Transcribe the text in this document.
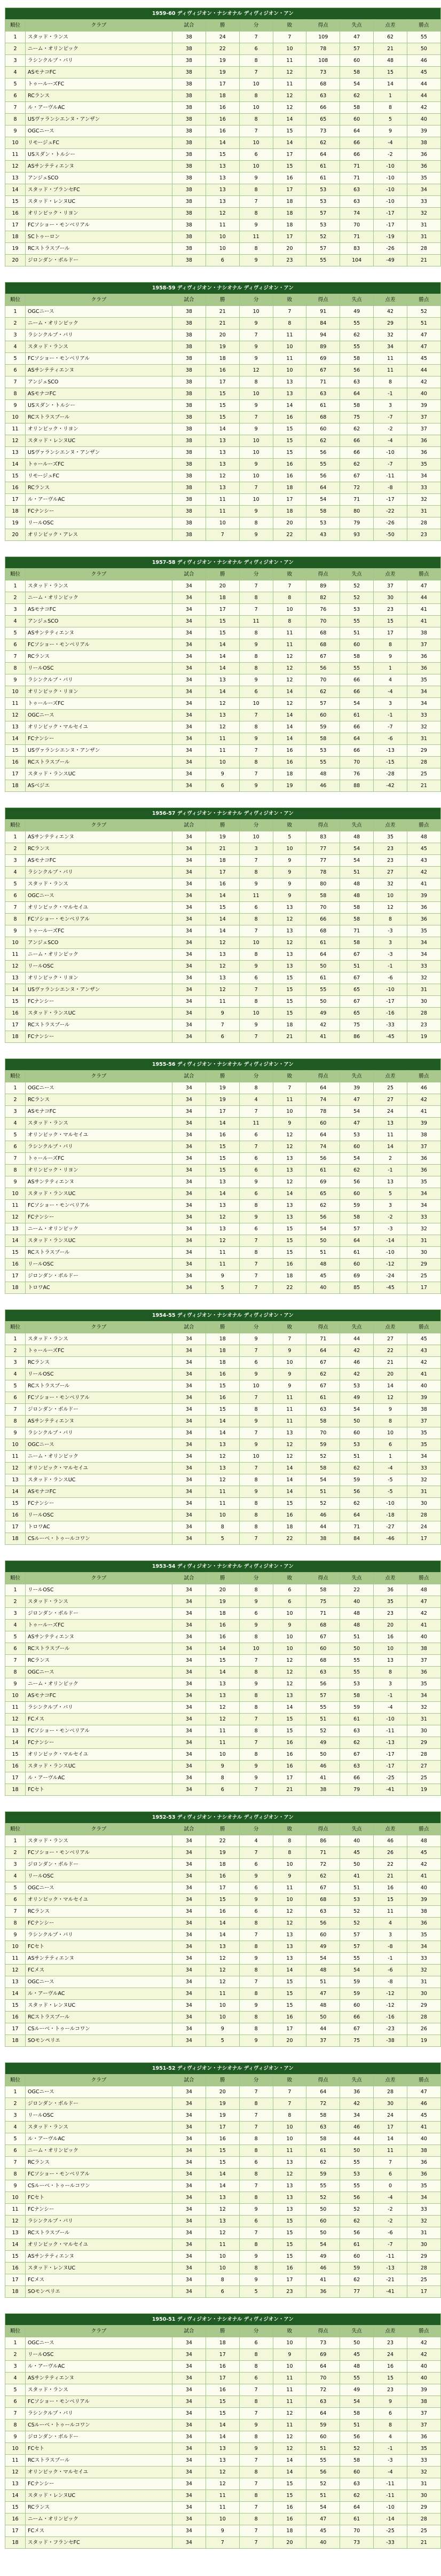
1959-60 ディヴィジオン・ナシオナル ディヴィジオン・アン									
順位	クラブ	試合	勝	分	敗	得点	失点	点差	勝点
1	スタッド・ランス	38	24	7	7	109	47	62	55
2	ニーム・オリンピック	38	22	6	10	78	57	21	50
3	ラシンクルブ・パリ	38	19	8	11	108	60	48	46
4	ASモナコFC	38	19	7	12	73	58	15	45
5	トゥールーズFC	38	17	10	11	68	54	14	44
6	RCランス	38	18	8	12	63	62	1	44
7	ル・アーヴルAC	38	16	10	12	66	58	8	42
8	USヴァランシエンヌ・アンザン	38	16	8	14	65	60	5	40
9	OGCニース	38	16	7	15	73	64	9	39
10	リモージュFC	38	14	10	14	62	66	-4	38
11	USスダン・トルシー	38	15	6	17	64	66	-2	36
12	ASサンテティエンヌ	38	13	10	15	61	71	-10	36
13	アンジェSCO	38	13	9	16	61	71	-10	35
14	スタッド・ブランセFC	38	13	8	17	53	63	-10	34
15	スタッド・レンヌUC	38	13	7	18	53	63	-10	33
16	オリンピック・リヨン	38	12	8	18	57	74	-17	32
17	FCソショー・モンベリアル	38	11	9	18	53	70	-17	31
18	SCトゥーロン	38	10	11	17	52	71	-19	31
19	RCストラスブール	38	10	8	20	57	83	-26	28
20	ジロンダン・ボルドー	38	6	9	23	55	104	-49	21
1958-59 ディヴィジオン・ナシオナル ディヴィジオン・アン									
順位	クラブ	試合	勝	分	敗	得点	失点	点差	勝点
1	OGCニース	38	21	10	7	91	49	42	52
2	ニーム・オリンピック	38	21	9	8	84	55	29	51
3	ラシンクルブ・パリ	38	20	7	11	94	62	32	47
4	スタッド・ランス	38	19	9	10	89	55	34	47
5	FCソショー・モンベリアル	38	18	9	11	69	58	11	45
6	ASサンテティエンヌ	38	16	12	10	67	56	11	44
7	アンジェSCO	38	17	8	13	71	63	8	42
8	ASモナコFC	38	15	10	13	63	64	-1	40
9	USスダン・トルシー	38	15	9	14	61	58	3	39
10	RCストラスブール	38	15	7	16	68	75	-7	37
11	オリンピック・リヨン	38	14	9	15	60	62	-2	37
12	スタッド・レンヌUC	38	13	10	15	62	66	-4	36
13	USヴァランシエンヌ・アンザン	38	13	10	15	56	66	-10	36
14	トゥールーズFC	38	13	9	16	55	62	-7	35
15	リモージュFC	38	12	10	16	56	67	-11	34
16	RCランス	38	13	7	18	64	72	-8	33
17	ル・アーヴルAC	38	11	10	17	54	71	-17	32
18	FCナンシー	38	11	9	18	58	80	-22	31
19	リールOSC	38	10	8	20	53	79	-26	28
20	オリンピック・アレス	38	7	9	22	43	93	-50	23
1957-58 ディヴィジオン・ナシオナル ディヴィジオン・アン									
順位	クラブ	試合	勝	分	敗	得点	失点	点差	勝点
1	スタッド・ランス	34	20	7	7	89	52	37	47
2	ニーム・オリンピック	34	18	8	8	82	52	30	44
3	ASモナコFC	34	17	7	10	76	53	23	41
4	アンジェSCO	34	15	11	8	70	55	15	41
5	ASサンテティエンヌ	34	15	8	11	68	51	17	38
6	FCソショー・モンベリアル	34	14	9	11	68	60	8	37
7	RCランス	34	14	8	12	67	58	9	36
8	リールOSC	34	14	8	12	56	55	1	36
9	ラシンクルブ・パリ	34	13	9	12	70	66	4	35
10	オリンピック・リヨン	34	14	6	14	62	66	-4	34
11	トゥールーズFC	34	12	10	12	57	54	3	34
12	OGCニース	34	13	7	14	60	61	-1	33
13	オリンピック・マルセイユ	34	12	8	14	59	66	-7	32
14	FCナンシー	34	11	9	14	58	64	-6	31
15	USヴァランシエンヌ・アンザン	34	11	7	16	53	66	-13	29
16	RCストラスブール	34	10	8	16	55	70	-15	28
17	スタッド・ランスUC	34	9	7	18	48	76	-28	25
18	ASベジエ	34	6	9	19	46	88	-42	21
1956-57 ディヴィジオン・ナシオナル ディヴィジオン・アン									
順位	クラブ	試合	勝	分	敗	得点	失点	点差	勝点
1	ASサンテティエンヌ	34	19	10	5	83	48	35	48
2	RCランス	34	21	3	10	77	54	23	45
3	ASモナコFC	34	18	7	9	77	54	23	43
4	ラシンクルブ・パリ	34	17	8	9	78	51	27	42
5	スタッド・ランス	34	16	9	9	80	48	32	41
6	OGCニース	34	14	11	9	58	48	10	39
7	オリンピック・マルセイユ	34	15	6	13	70	58	12	36
8	FCソショー・モンベリアル	34	14	8	12	66	58	8	36
9	トゥールーズFC	34	14	7	13	68	71	-3	35
10	アンジェSCO	34	12	10	12	61	58	3	34
11	ニーム・オリンピック	34	13	8	13	64	67	-3	34
12	リールOSC	34	12	9	13	50	51	-1	33
13	オリンピック・リヨン	34	13	6	15	61	67	-6	32
14	USヴァランシエンヌ・アンザン	34	12	7	15	55	65	-10	31
15	FCナンシー	34	11	8	15	50	67	-17	30
16	スタッド・ランスUC	34	9	10	15	49	65	-16	28
17	RCストラスブール	34	7	9	18	42	75	-33	23
18	FCナンシー	34	6	7	21	41	86	-45	19
1955-56 ディヴィジオン・ナシオナル ディヴィジオン・アン									
順位	クラブ	試合	勝	分	敗	得点	失点	点差	勝点
1	OGCニース	34	19	8	7	64	39	25	46
2	RCランス	34	19	4	11	74	47	27	42
3	ASモナコFC	34	17	7	10	78	54	24	41
4	スタッド・ランス	34	14	11	9	60	47	13	39
5	オリンピック・マルセイユ	34	16	6	12	64	53	11	38
6	ラシンクルブ・パリ	34	15	7	12	74	60	14	37
7	トゥールーズFC	34	15	6	13	56	54	2	36
8	オリンピック・リヨン	34	15	6	13	61	62	-1	36
9	ASサンテティエンヌ	34	13	9	12	69	56	13	35
10	スタッド・ランスUC	34	14	6	14	65	60	5	34
11	FCソショー・モンベリアル	34	13	8	13	62	59	3	34
12	FCナンシー	34	12	9	13	56	58	-2	33
13	ニーム・オリンピック	34	13	6	15	54	57	-3	32
14	スタッド・ランスUC	34	12	7	15	50	64	-14	31
15	RCストラスブール	34	11	8	15	51	61	-10	30
16	リールOSC	34	11	7	16	48	60	-12	29
17	ジロンダン・ボルドー	34	9	7	18	45	69	-24	25
18	トロワAC	34	5	7	22	40	85	-45	17
1954-55 ディヴィジオン・ナシオナル ディヴィジオン・アン									
順位	クラブ	試合	勝	分	敗	得点	失点	点差	勝点
1	スタッド・ランス	34	18	9	7	71	44	27	45
2	トゥールーズFC	34	18	7	9	64	42	22	43
3	RCランス	34	18	6	10	67	46	21	42
4	リールOSC	34	16	9	9	62	42	20	41
5	RCストラスブール	34	15	10	9	67	53	14	40
6	FCソショー・モンベリアル	34	16	7	11	61	49	12	39
7	ジロンダン・ボルドー	34	15	8	11	63	54	9	38
8	ASサンテティエンヌ	34	14	9	11	58	50	8	37
9	ラシンクルブ・パリ	34	14	7	13	70	60	10	35
10	OGCニース	34	13	9	12	59	53	6	35
11	ニーム・オリンピック	34	12	10	12	52	51	1	34
12	オリンピック・マルセイユ	34	13	7	14	58	62	-4	33
13	スタッド・ランスUC	34	12	8	14	54	59	-5	32
14	ASモナコFC	34	11	9	14	51	56	-5	31
15	FCナンシー	34	11	8	15	52	62	-10	30
16	リールOSC	34	10	8	16	46	64	-18	28
17	トロワAC	34	8	8	18	44	71	-27	24
18	CSルーベ・トゥールコワン	34	5	7	22	38	84	-46	17
1953-54 ディヴィジオン・ナシオナル ディヴィジオン・アン									
順位	クラブ	試合	勝	分	敗	得点	失点	点差	勝点
1	リールOSC	34	20	8	6	58	22	36	48
2	スタッド・ランス	34	19	9	6	75	40	35	47
3	ジロンダン・ボルドー	34	18	6	10	71	48	23	42
4	トゥールーズFC	34	16	9	9	68	48	20	41
5	ASサンテティエンヌ	34	16	8	10	67	51	16	40
6	RCストラスブール	34	14	10	10	60	50	10	38
7	RCランス	34	15	7	12	68	55	13	37
8	OGCニース	34	14	8	12	63	55	8	36
9	ニーム・オリンピック	34	13	9	12	56	53	3	35
10	ASモナコFC	34	13	8	13	57	58	-1	34
11	ラシンクルブ・パリ	34	12	8	14	55	59	-4	32
12	FCメス	34	12	7	15	51	61	-10	31
13	FCソショー・モンベリアル	34	11	8	15	52	63	-11	30
14	FCナンシー	34	11	7	16	49	62	-13	29
15	オリンピック・マルセイユ	34	10	8	16	50	67	-17	28
16	スタッド・ランスUC	34	9	9	16	46	63	-17	27
17	ル・アーヴルAC	34	8	9	17	41	66	-25	25
18	FCセト	34	6	7	21	38	79	-41	19
1952-53 ディヴィジオン・ナシオナル ディヴィジオン・アン									
順位	クラブ	試合	勝	分	敗	得点	失点	点差	勝点
1	スタッド・ランス	34	22	4	8	86	40	46	48
2	FCソショー・モンベリアル	34	19	7	8	71	45	26	45
3	ジロンダン・ボルドー	34	18	6	10	72	50	22	42
4	リールOSC	34	16	9	9	62	41	21	41
5	OGCニース	34	17	6	11	67	51	16	40
6	オリンピック・マルセイユ	34	15	9	10	68	53	15	39
7	RCランス	34	16	6	12	63	52	11	38
8	FCナンシー	34	14	8	12	56	52	4	36
9	ラシンクルブ・パリ	34	14	7	13	60	57	3	35
10	FCセト	34	13	8	13	49	57	-8	34
11	ASサンテティエンヌ	34	12	9	13	54	55	-1	33
12	FCメス	34	12	8	14	48	54	-6	32
13	OGCニース	34	12	7	15	51	59	-8	31
14	ル・アーヴルAC	34	11	8	15	47	59	-12	30
15	スタッド・レンヌUC	34	10	9	15	48	60	-12	29
16	RCストラスブール	34	10	8	16	50	66	-16	28
17	CSルーベ・トゥールコワン	34	9	8	17	44	67	-23	26
18	SOモンペリエ	34	5	9	20	37	75	-38	19
1951-52 ディヴィジオン・ナシオナル ディヴィジオン・アン									
順位	クラブ	試合	勝	分	敗	得点	失点	点差	勝点
1	OGCニース	34	20	7	7	64	36	28	47
2	ジロンダン・ボルドー	34	19	8	7	72	42	30	46
3	リールOSC	34	19	7	8	58	34	24	45
4	スタッド・ランス	34	17	7	10	63	46	17	41
5	ル・アーヴルAC	34	16	8	10	58	44	14	40
6	ニーム・オリンピック	34	15	8	11	61	50	11	38
7	RCランス	34	15	6	13	62	55	7	36
8	FCソショー・モンベリアル	34	14	8	12	59	53	6	36
9	CSルーベ・トゥールコワン	34	14	7	13	55	55	0	35
10	FCセト	34	13	8	13	52	56	-4	34
11	FCナンシー	34	12	9	13	50	52	-2	33
12	ラシンクルブ・パリ	34	13	6	15	60	62	-2	32
13	RCストラスブール	34	12	7	15	50	56	-6	31
14	オリンピック・マルセイユ	34	11	8	15	54	61	-7	30
15	ASサンテティエンヌ	34	10	9	15	49	60	-11	29
16	スタッド・レンヌUC	34	10	8	16	46	59	-13	28
17	FCメス	34	8	9	17	41	62	-21	25
18	SOモンペリエ	34	6	5	23	36	77	-41	17
1950-51 ディヴィジオン・ナシオナル ディヴィジオン・アン									
順位	クラブ	試合	勝	分	敗	得点	失点	点差	勝点
1	OGCニース	34	18	6	10	73	50	23	42
2	リールOSC	34	17	8	9	69	45	24	42
3	ル・アーヴルAC	34	16	8	10	64	48	16	40
4	ASサンテティエンヌ	34	17	6	11	70	55	15	40
5	スタッド・ランス	34	16	7	11	72	49	23	39
6	FCソショー・モンベリアル	34	15	8	11	63	54	9	38
7	ラシンクルブ・パリ	34	15	7	12	64	58	6	37
8	CSルーベ・トゥールコワン	34	14	9	11	59	51	8	37
9	ジロンダン・ボルドー	34	14	8	12	60	56	4	36
10	FCセト	34	13	9	12	51	52	-1	35
11	RCストラスブール	34	13	7	14	55	58	-3	33
12	オリンピック・マルセイユ	34	12	8	14	56	60	-4	32
13	FCナンシー	34	12	7	15	52	63	-11	31
14	スタッド・レンヌUC	34	11	8	15	51	62	-11	30
15	RCランス	34	11	7	16	54	64	-10	29
16	ニーム・オリンピック	34	10	8	16	47	61	-14	28
17	FCメス	34	9	7	18	45	70	-25	25
18	スタッド・フランセFC	34	7	7	20	40	73	-33	21
